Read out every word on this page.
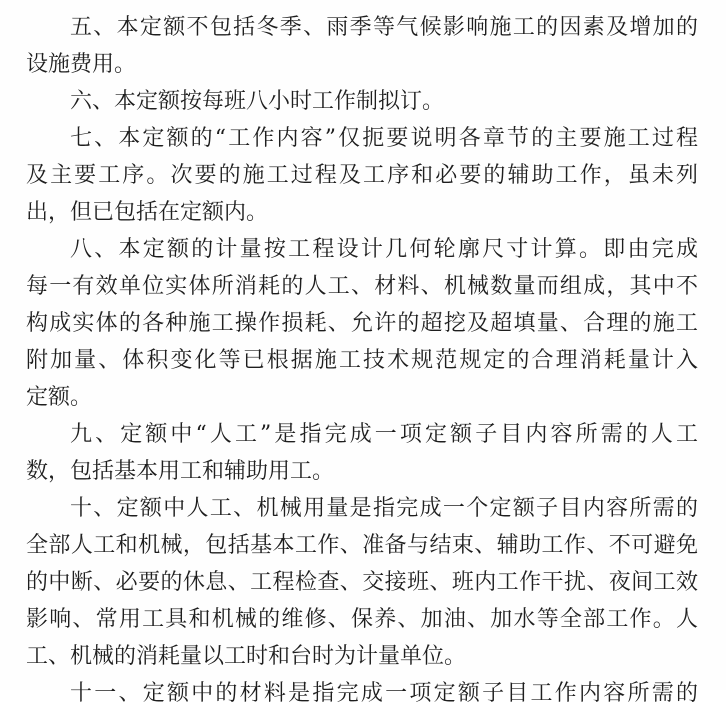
五、本定额不包括冬季、雨季等气候影响施工的因素及增加的
设施费用。
六、本定额按每班八小时工作制拟订。
七、本定额的“工作内容”仅扼要说明各章节的主要施工过程
及主要工序。次要的施工过程及工序和必要的辅助工作，虽未列
出，但已包括在定额内。
八、本定额的计量按工程设计几何轮廓尺寸计算。即由完成
每一有效单位实体所消耗的人工、材料、机械数量而组成，其中不
构成实体的各种施工操作损耗、允许的超挖及超填量、合理的施工
附加量、体积变化等已根据施工技术规范规定的合理消耗量计入
定额。
九、定额中“人工”是指完成一项定额子目内容所需的人工
数，包括基本用工和辅助用工。
十、定额中人工、机械用量是指完成一个定额子目内容所需的
全部人工和机械，包括基本工作、准备与结束、辅助工作、不可避免
的中断、必要的休息、工程检查、交接班、班内工作干扰、夜间工效
影响、常用工具和机械的维修、保养、加油、加水等全部工作。人
工、机械的消耗量以工时和台时为计量单位。
十一、定额中的材料是指完成一项定额子目工作内容所需的
